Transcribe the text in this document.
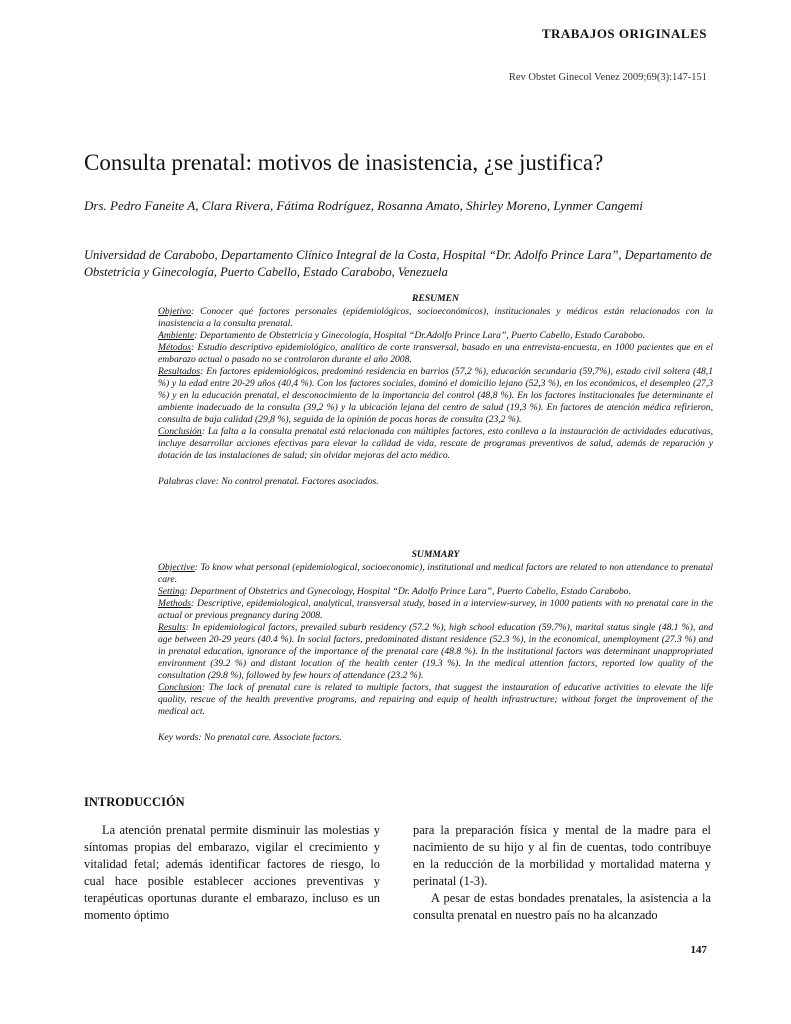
TRABAJOS ORIGINALES
Rev Obstet Ginecol Venez 2009;69(3):147-151
Consulta prenatal: motivos de inasistencia, ¿se justifica?
Drs. Pedro Faneite A, Clara Rivera, Fátima Rodríguez, Rosanna Amato, Shirley Moreno, Lynmer Cangemi
Universidad de Carabobo, Departamento Clínico Integral de la Costa, Hospital “Dr. Adolfo Prince Lara”, Departamento de Obstetricia y Ginecología, Puerto Cabello, Estado Carabobo, Venezuela
RESUMEN

Objetivo: Conocer qué factores personales (epidemiológicos, socioeconómicos), institucionales y médicos están relacionados con la inasistencia a la consulta prenatal.

Ambiente: Departamento de Obstetricia y Ginecología, Hospital “Dr.Adolfo Prince Lara”, Puerto Cabello, Estado Carabobo.

Métodos: Estudio descriptivo epidemiológico, analítico de corte transversal, basado en una entrevista-encuesta, en 1000 pacientes que en el embarazo actual o pasado no se controlaron durante el año 2008.

Resultados: En factores epidemiológicos, predominó residencia en barrios (57,2 %), educación secundaria (59,7%), estado civil soltera (48,1 %) y la edad entre 20-29 años (40,4 %). Con los factores sociales, dominó el domicilio lejano (52,3 %), en los económicos, el desempleo (27,3 %) y en la educación prenatal, el desconocimiento de la importancia del control (48,8 %). En los factores institucionales fue determinante el ambiente inadecuado de la consulta (39,2 %) y la ubicación lejana del centro de salud (19,3 %). En factores de atención médica refirieron, consulta de baja calidad (29,8 %), seguida de la opinión de pocas horas de consulta (23,2 %).

Conclusión: La falta a la consulta prenatal está relacionada con múltiples factores, esto conlleva a la instauración de actividades educativas, incluye desarrollar acciones efectivas para elevar la calidad de vida, rescate de programas preventivos de salud, además de reparación y dotación de las instalaciones de salud; sin olvidar mejoras del acto médico.

Palabras clave: No control prenatal. Factores asociados.

SUMMARY

Objective: To know what personal (epidemiological, socioeconomic), institutional and medical factors are related to non attendance to prenatal care.

Setting: Department of Obstetrics and Gynecology, Hospital “Dr. Adolfo Prince Lara”, Puerto Cabello, Estado Carabobo.

Methods: Descriptive, epidemiological, analytical, transversal study, based in a interview-survey, in 1000 patients with no prenatal care in the actual or previous pregnancy during 2008.

Results: In epidemiological factors, prevailed suburb residency (57.2 %), high school education (59.7%), marital status single (48.1 %), and age between 20-29 years (40.4 %). In social factors, predominated distant residence (52.3 %), in the economical, unemployment (27.3 %) and in prenatal education, ignorance of the importance of the prenatal care (48.8 %). In the institutional factors was determinant unappropriated environment (39.2 %) and distant location of the health center (19.3 %). In the medical attention factors, reported low quality of the consultation (29.8 %), followed by few hours of attendance (23.2 %).

Conclusion: The lack of prenatal care is related to multiple factors, that suggest the instauration of educative activities to elevate the life quality, rescue of the health preventive programs, and repairing and equip of health infrastructure; without forget the improvement of the medical act.

Key words: No prenatal care. Associate factors.

INTRODUCCIÓN

La atención prenatal permite disminuir las molestias y síntomas propias del embarazo, vigilar el crecimiento y vitalidad fetal; además identificar factores de riesgo, lo cual hace posible establecer acciones preventivas y terapéuticas oportunas durante el embarazo, incluso es un momento óptimo

para la preparación física y mental de la madre para el nacimiento de su hijo y al fin de cuentas, todo contribuye en la reducción de la morbilidad y mortalidad materna y perinatal (1-3).

A pesar de estas bondades prenatales, la asistencia a la consulta prenatal en nuestro país no ha alcanzado

147
